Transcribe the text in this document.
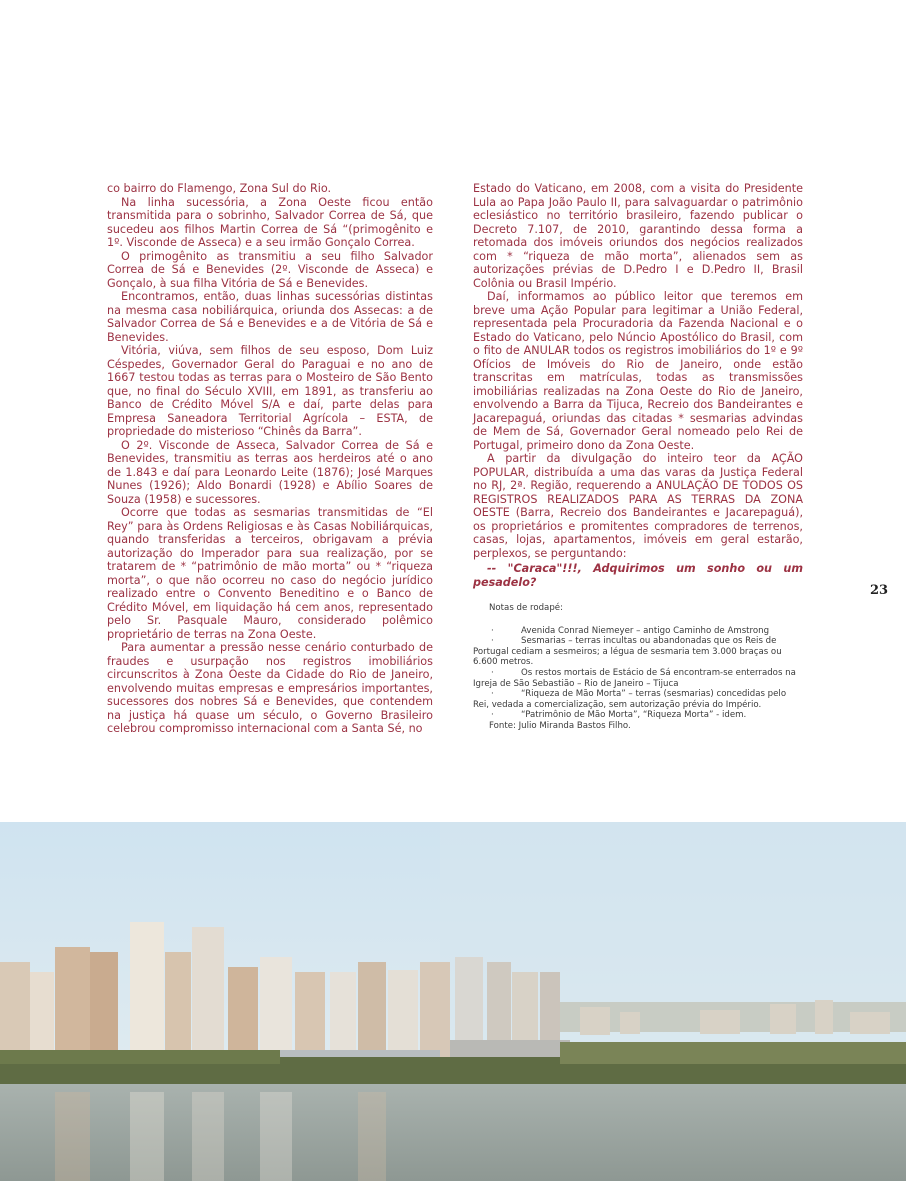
co bairro do Flamengo, Zona Sul do Rio.

Na linha sucessória, a Zona Oeste ficou então transmitida para o sobrinho, Salvador Correa de Sá, que sucedeu aos filhos Martin Correa de Sá “(primogênito e 1º. Visconde de Asseca) e a seu irmão Gonçalo Correa.

O primogênito as transmitiu a seu filho Salvador Correa de Sá e Benevides (2º. Visconde de Asseca) e Gonçalo, à sua filha Vitória de Sá e Benevides.

Encontramos, então, duas linhas sucessórias distintas na mesma casa nobiliárquica, oriunda dos Assecas: a de Salvador Correa de Sá e Benevides e a de Vitória de Sá e Benevides.

Vitória, viúva, sem filhos de seu esposo, Dom Luiz Céspedes, Governador Geral do Paraguai e no ano de 1667 testou todas as terras para o Mosteiro de São Bento que, no final do Século XVIII, em 1891, as transferiu ao Banco de Crédito Móvel S/A e daí, parte delas para Empresa Saneadora Territorial Agrícola – ESTA, de propriedade do misterioso “Chinês da Barra”.

O 2º. Visconde de Asseca, Salvador Correa de Sá e Benevides, transmitiu as terras aos herdeiros até o ano de 1.843 e daí para Leonardo Leite (1876); José Marques Nunes (1926); Aldo Bonardi (1928) e Abílio Soares de Souza (1958) e sucessores.

Ocorre que todas as sesmarias transmitidas de “El Rey” para às Ordens Religiosas e às Casas Nobiliárquicas, quando transferidas a terceiros, obrigavam a prévia autorização do Imperador para sua realização, por se tratarem de * “patrimônio de mão morta” ou * “riqueza morta”, o que não ocorreu no caso do negócio jurídico realizado entre o Convento Beneditino e o Banco de Crédito Móvel, em liquidação há cem anos, representado pelo Sr. Pasquale Mauro, considerado polêmico proprietário de terras na Zona Oeste.

Para aumentar a pressão nesse cenário conturbado de fraudes e usurpação nos registros imobiliários circunscritos à Zona Oeste da Cidade do Rio de Janeiro, envolvendo muitas empresas e empresários importantes, sucessores dos nobres Sá e Benevides, que contendem na justiça há quase um século, o Governo Brasileiro celebrou compromisso internacional com a Santa Sé, no

Estado do Vaticano, em 2008, com a visita do Presidente Lula ao Papa João Paulo II, para salvaguardar o patrimônio eclesiástico no território brasileiro, fazendo publicar o Decreto 7.107, de 2010, garantindo dessa forma a retomada dos imóveis oriundos dos negócios realizados com * “riqueza de mão morta”, alienados sem as autorizações prévias de D.Pedro I e D.Pedro II, Brasil Colônia ou Brasil Império.

Daí, informamos ao público leitor que teremos em breve uma Ação Popular para legitimar a União Federal, representada pela Procuradoria da Fazenda Nacional e o Estado do Vaticano, pelo Núncio Apostólico do Brasil, com o fito de ANULAR todos os registros imobiliários do 1º e 9º Ofícios de Imóveis do Rio de Janeiro, onde estão transcritas em matrículas, todas as transmissões imobiliárias realizadas na Zona Oeste do Rio de Janeiro, envolvendo a Barra da Tijuca, Recreio dos Bandeirantes e Jacarepaguá, oriundas das citadas * sesmarias advindas de Mem de Sá, Governador Geral nomeado pelo Rei de Portugal, primeiro dono da Zona Oeste.

A partir da divulgação do inteiro teor da AÇÃO POPULAR, distribuída a uma das varas da Justiça Federal no RJ, 2ª. Região, requerendo a ANULAÇÃO DE TODOS OS REGISTROS REALIZADOS PARA AS TERRAS DA ZONA OESTE (Barra, Recreio dos Bandeirantes e Jacarepaguá), os proprietários e promitentes compradores de terrenos, casas, lojas, apartamentos, imóveis em geral estarão, perplexos, se perguntando:

-- "Caraca"!!!, Adquirimos um sonho ou um pesadelo?

Notas de rodapé:
·	Avenida Conrad Niemeyer – antigo Caminho de Amstrong
·	Sesmarias – terras incultas ou abandonadas que os Reis de Portugal cediam a sesmeiros; a légua de sesmaria tem 3.000 braças ou 6.600 metros.
·	Os restos mortais de Estácio de Sá encontram-se enterrados na Igreja de São Sebastião – Rio de Janeiro – Tijuca
·	“Riqueza de Mão Morta” – terras (sesmarias) concedidas pelo Rei, vedada a comercialização, sem autorização prévia do Império.
·	“Patrimônio de Mão Morta”, “Riqueza Morta” - idem.
Fonte: Julio Miranda Bastos Filho.
23
